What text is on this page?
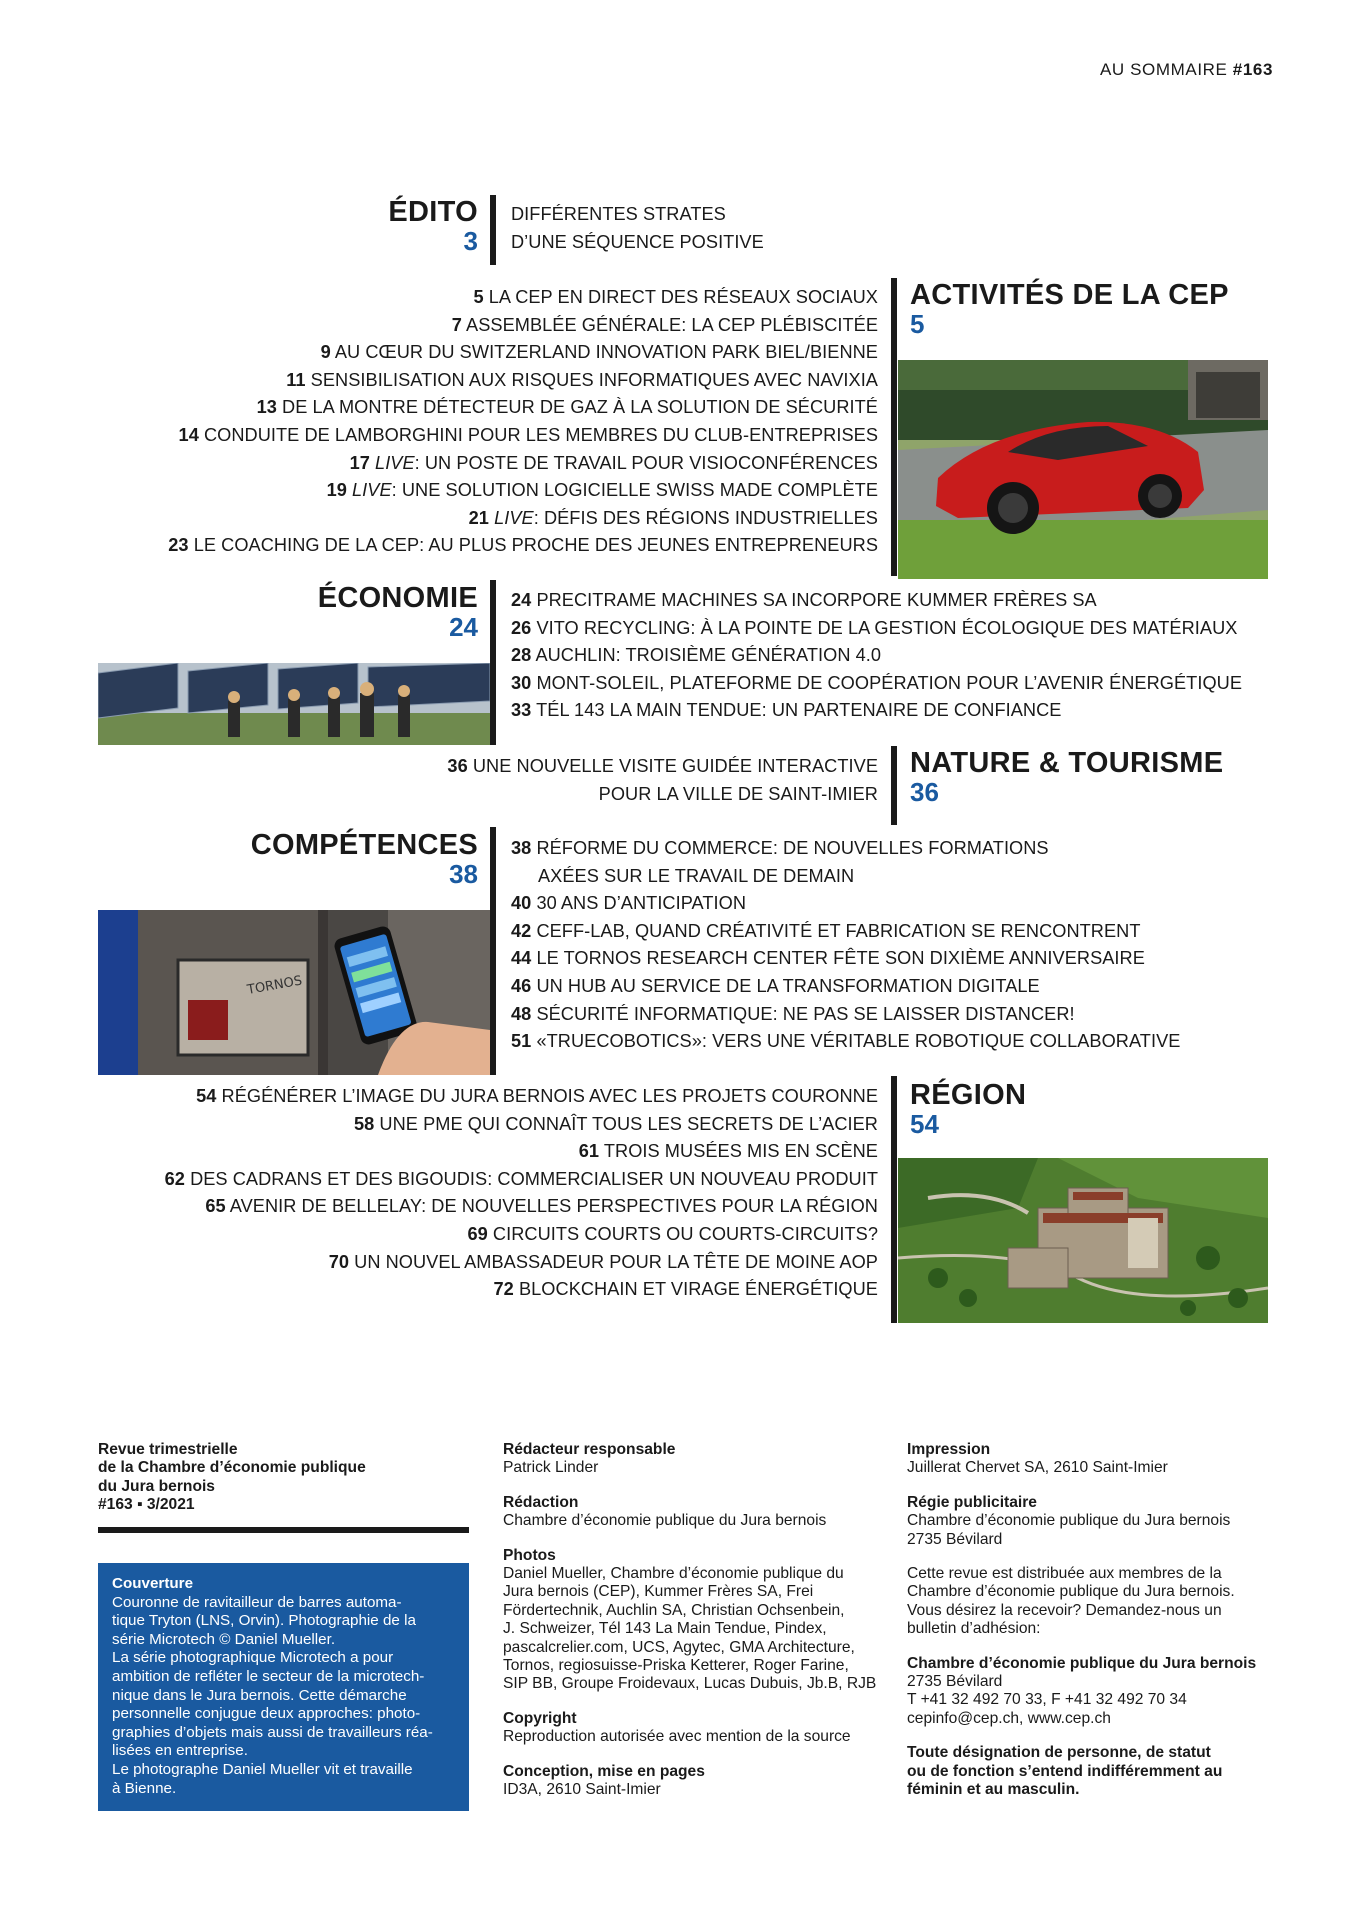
AU SOMMAIRE #163
ÉDITO
3
DIFFÉRENTES STRATES
D’UNE SÉQUENCE POSITIVE
5 LA CEP EN DIRECT DES RÉSEAUX SOCIAUX
7 ASSEMBLÉE GÉNÉRALE: LA CEP PLÉBISCITÉE
9 AU CŒUR DU SWITZERLAND INNOVATION PARK BIEL/BIENNE
11 SENSIBILISATION AUX RISQUES INFORMATIQUES AVEC NAVIXIA
13 DE LA MONTRE DÉTECTEUR DE GAZ À LA SOLUTION DE SÉCURITÉ
14 CONDUITE DE LAMBORGHINI POUR LES MEMBRES DU CLUB-ENTREPRISES
17 LIVE: UN POSTE DE TRAVAIL POUR VISIOCONFÉRENCES
19 LIVE: UNE SOLUTION LOGICIELLE SWISS MADE COMPLÈTE
21 LIVE: DÉFIS DES RÉGIONS INDUSTRIELLES
23 LE COACHING DE LA CEP: AU PLUS PROCHE DES JEUNES ENTREPRENEURS
ACTIVITÉS DE LA CEP
5
ÉCONOMIE
24
24 PRECITRAME MACHINES SA INCORPORE KUMMER FRÈRES SA
26 VITO RECYCLING: À LA POINTE DE LA GESTION ÉCOLOGIQUE DES MATÉRIAUX
28 AUCHLIN: TROISIÈME GÉNÉRATION 4.0
30 MONT-SOLEIL, PLATEFORME DE COOPÉRATION POUR L’AVENIR ÉNERGÉTIQUE
33 TÉL 143 LA MAIN TENDUE: UN PARTENAIRE DE CONFIANCE
36 UNE NOUVELLE VISITE GUIDÉE INTERACTIVE
POUR LA VILLE DE SAINT-IMIER
NATURE & TOURISME
36
COMPÉTENCES
38
TORNOS
38 RÉFORME DU COMMERCE: DE NOUVELLES FORMATIONS
AXÉES SUR LE TRAVAIL DE DEMAIN
40 30 ANS D’ANTICIPATION
42 CEFF-LAB, QUAND CRÉATIVITÉ ET FABRICATION SE RENCONTRENT
44 LE TORNOS RESEARCH CENTER FÊTE SON DIXIÈME ANNIVERSAIRE
46 UN HUB AU SERVICE DE LA TRANSFORMATION DIGITALE
48 SÉCURITÉ INFORMATIQUE: NE PAS SE LAISSER DISTANCER!
51 «TRUECOBOTICS»: VERS UNE VÉRITABLE ROBOTIQUE COLLABORATIVE
54 RÉGÉNÉRER L’IMAGE DU JURA BERNOIS AVEC LES PROJETS COURONNE
58 UNE PME QUI CONNAÎT TOUS LES SECRETS DE L’ACIER
61 TROIS MUSÉES MIS EN SCÈNE
62 DES CADRANS ET DES BIGOUDIS: COMMERCIALISER UN NOUVEAU PRODUIT
65 AVENIR DE BELLELAY: DE NOUVELLES PERSPECTIVES POUR LA RÉGION
69 CIRCUITS COURTS OU COURTS-CIRCUITS?
70 UN NOUVEL AMBASSADEUR POUR LA TÊTE DE MOINE AOP
72 BLOCKCHAIN ET VIRAGE ÉNERGÉTIQUE
RÉGION
54
Revue trimestrielle
de la Chambre d’économie publique
du Jura bernois
#163 ▪ 3/2021
Couverture
Couronne de ravitailleur de barres automa-
tique Tryton (LNS, Orvin). Photographie de la
série Microtech © Daniel Mueller.
La série photographique Microtech a pour
ambition de refléter le secteur de la microtech-
nique dans le Jura bernois. Cette démarche
personnelle conjugue deux approches: photo-
graphies d’objets mais aussi de travailleurs réa-
lisées en entreprise.
Le photographe Daniel Mueller vit et travaille
à Bienne.
Rédacteur responsable
Patrick Linder
Rédaction
Chambre d’économie publique du Jura bernois
Photos
Daniel Mueller, Chambre d’économie publique du
Jura bernois (CEP), Kummer Frères SA, Frei
Fördertechnik, Auchlin SA, Christian Ochsenbein,
J. Schweizer, Tél 143 La Main Tendue, Pindex,
pascalcrelier.com, UCS, Agytec, GMA Architecture,
Tornos, regiosuisse-Priska Ketterer, Roger Farine,
SIP BB, Groupe Froidevaux, Lucas Dubuis, Jb.B, RJB
Copyright
Reproduction autorisée avec mention de la source
Conception, mise en pages
ID3A, 2610 Saint-Imier
Impression
Juillerat Chervet SA, 2610 Saint-Imier
Régie publicitaire
Chambre d’économie publique du Jura bernois
2735 Bévilard
Cette revue est distribuée aux membres de la
Chambre d’économie publique du Jura bernois.
Vous désirez la recevoir? Demandez-nous un
bulletin d’adhésion:
Chambre d’économie publique du Jura bernois
2735 Bévilard
T +41 32 492 70 33, F +41 32 492 70 34
cepinfo@cep.ch, www.cep.ch
Toute désignation de personne, de statut
ou de fonction s’entend indifféremment au
féminin et au masculin.
